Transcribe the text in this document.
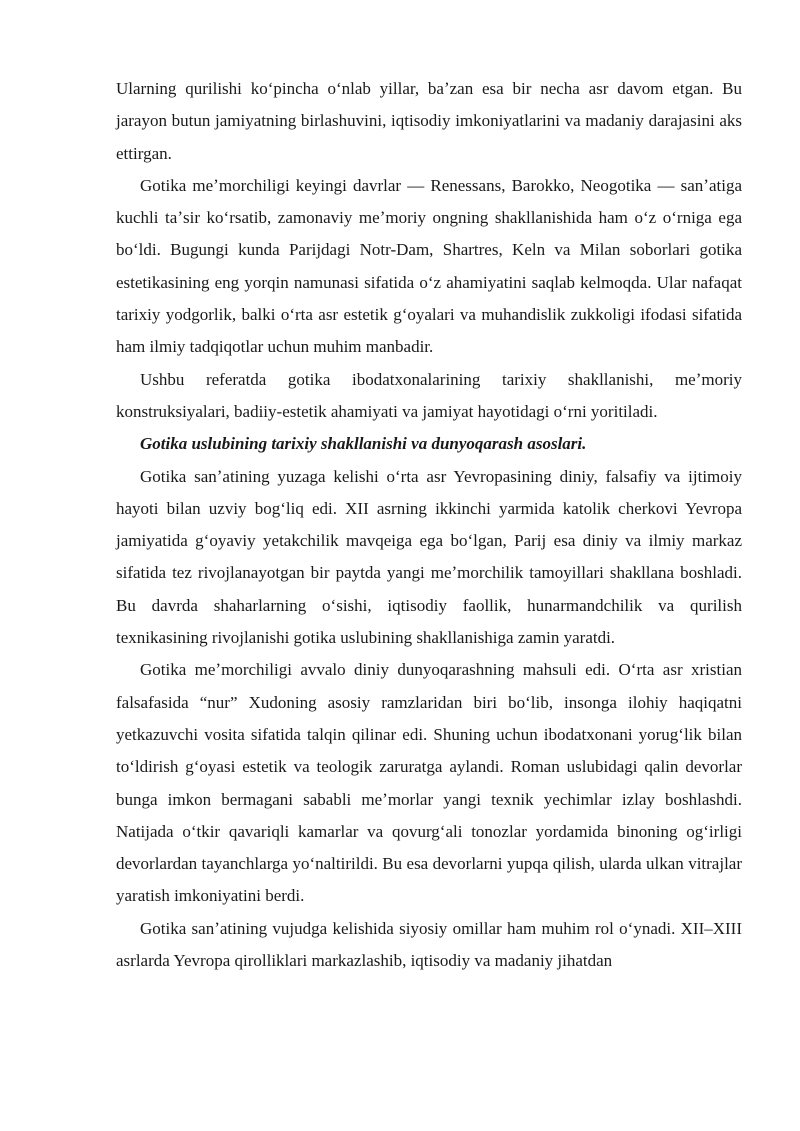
Ularning qurilishi koʻpincha oʻnlab yillar, baʼzan esa bir necha asr davom etgan. Bu jarayon butun jamiyatning birlashuvini, iqtisodiy imkoniyatlarini va madaniy darajasini aks ettirgan.

Gotika meʼmorchiligi keyingi davrlar — Renessans, Barokko, Neogotika — sanʼatiga kuchli taʼsir koʻrsatib, zamonaviy meʼmoriy ongning shakllanishida ham oʻz oʻrniga ega boʻldi. Bugungi kunda Parijdagi Notr-Dam, Shartres, Keln va Milan soborlari gotika estetikasining eng yorqin namunasi sifatida oʻz ahamiyatini saqlab kelmoqda. Ular nafaqat tarixiy yodgorlik, balki oʻrta asr estetik gʻoyalari va muhandislik zukkoligi ifodasi sifatida ham ilmiy tadqiqotlar uchun muhim manbadir.

Ushbu referatda gotika ibodatxonalarining tarixiy shakllanishi, meʼmoriy konstruksiyalari, badiiy-estetik ahamiyati va jamiyat hayotidagi oʻrni yoritiladi.

Gotika uslubining tarixiy shakllanishi va dunyoqarash asoslari.

Gotika sanʼatining yuzaga kelishi oʻrta asr Yevropasining diniy, falsafiy va ijtimoiy hayoti bilan uzviy bogʻliq edi. XII asrning ikkinchi yarmida katolik cherkovi Yevropa jamiyatida gʻoyaviy yetakchilik mavqeiga ega boʻlgan, Parij esa diniy va ilmiy markaz sifatida tez rivojlanayotgan bir paytda yangi meʼmorchilik tamoyillari shakllana boshladi. Bu davrda shaharlarning oʻsishi, iqtisodiy faollik, hunarmandchilik va qurilish texnikasining rivojlanishi gotika uslubining shakllanishiga zamin yaratdi.

Gotika meʼmorchiligi avvalo diniy dunyoqarashning mahsuli edi. Oʻrta asr xristian falsafasida “nur” Xudoning asosiy ramzlaridan biri boʻlib, insonga ilohiy haqiqatni yetkazuvchi vosita sifatida talqin qilinar edi. Shuning uchun ibodatxonani yorugʻlik bilan toʻldirish gʻoyasi estetik va teologik zaruratga aylandi. Roman uslubidagi qalin devorlar bunga imkon bermagani sababli meʼmorlar yangi texnik yechimlar izlay boshlashdi. Natijada oʻtkir qavariqli kamarlar va qovurgʻali tonozlar yordamida binoning ogʻirligi devorlardan tayanchlarga yoʻnaltirildi. Bu esa devorlarni yupqa qilish, ularda ulkan vitrajlar yaratish imkoniyatini berdi.

Gotika sanʼatining vujudga kelishida siyosiy omillar ham muhim rol oʻynadi. XII–XIII asrlarda Yevropa qirolliklari markazlashib, iqtisodiy va madaniy jihatdan
